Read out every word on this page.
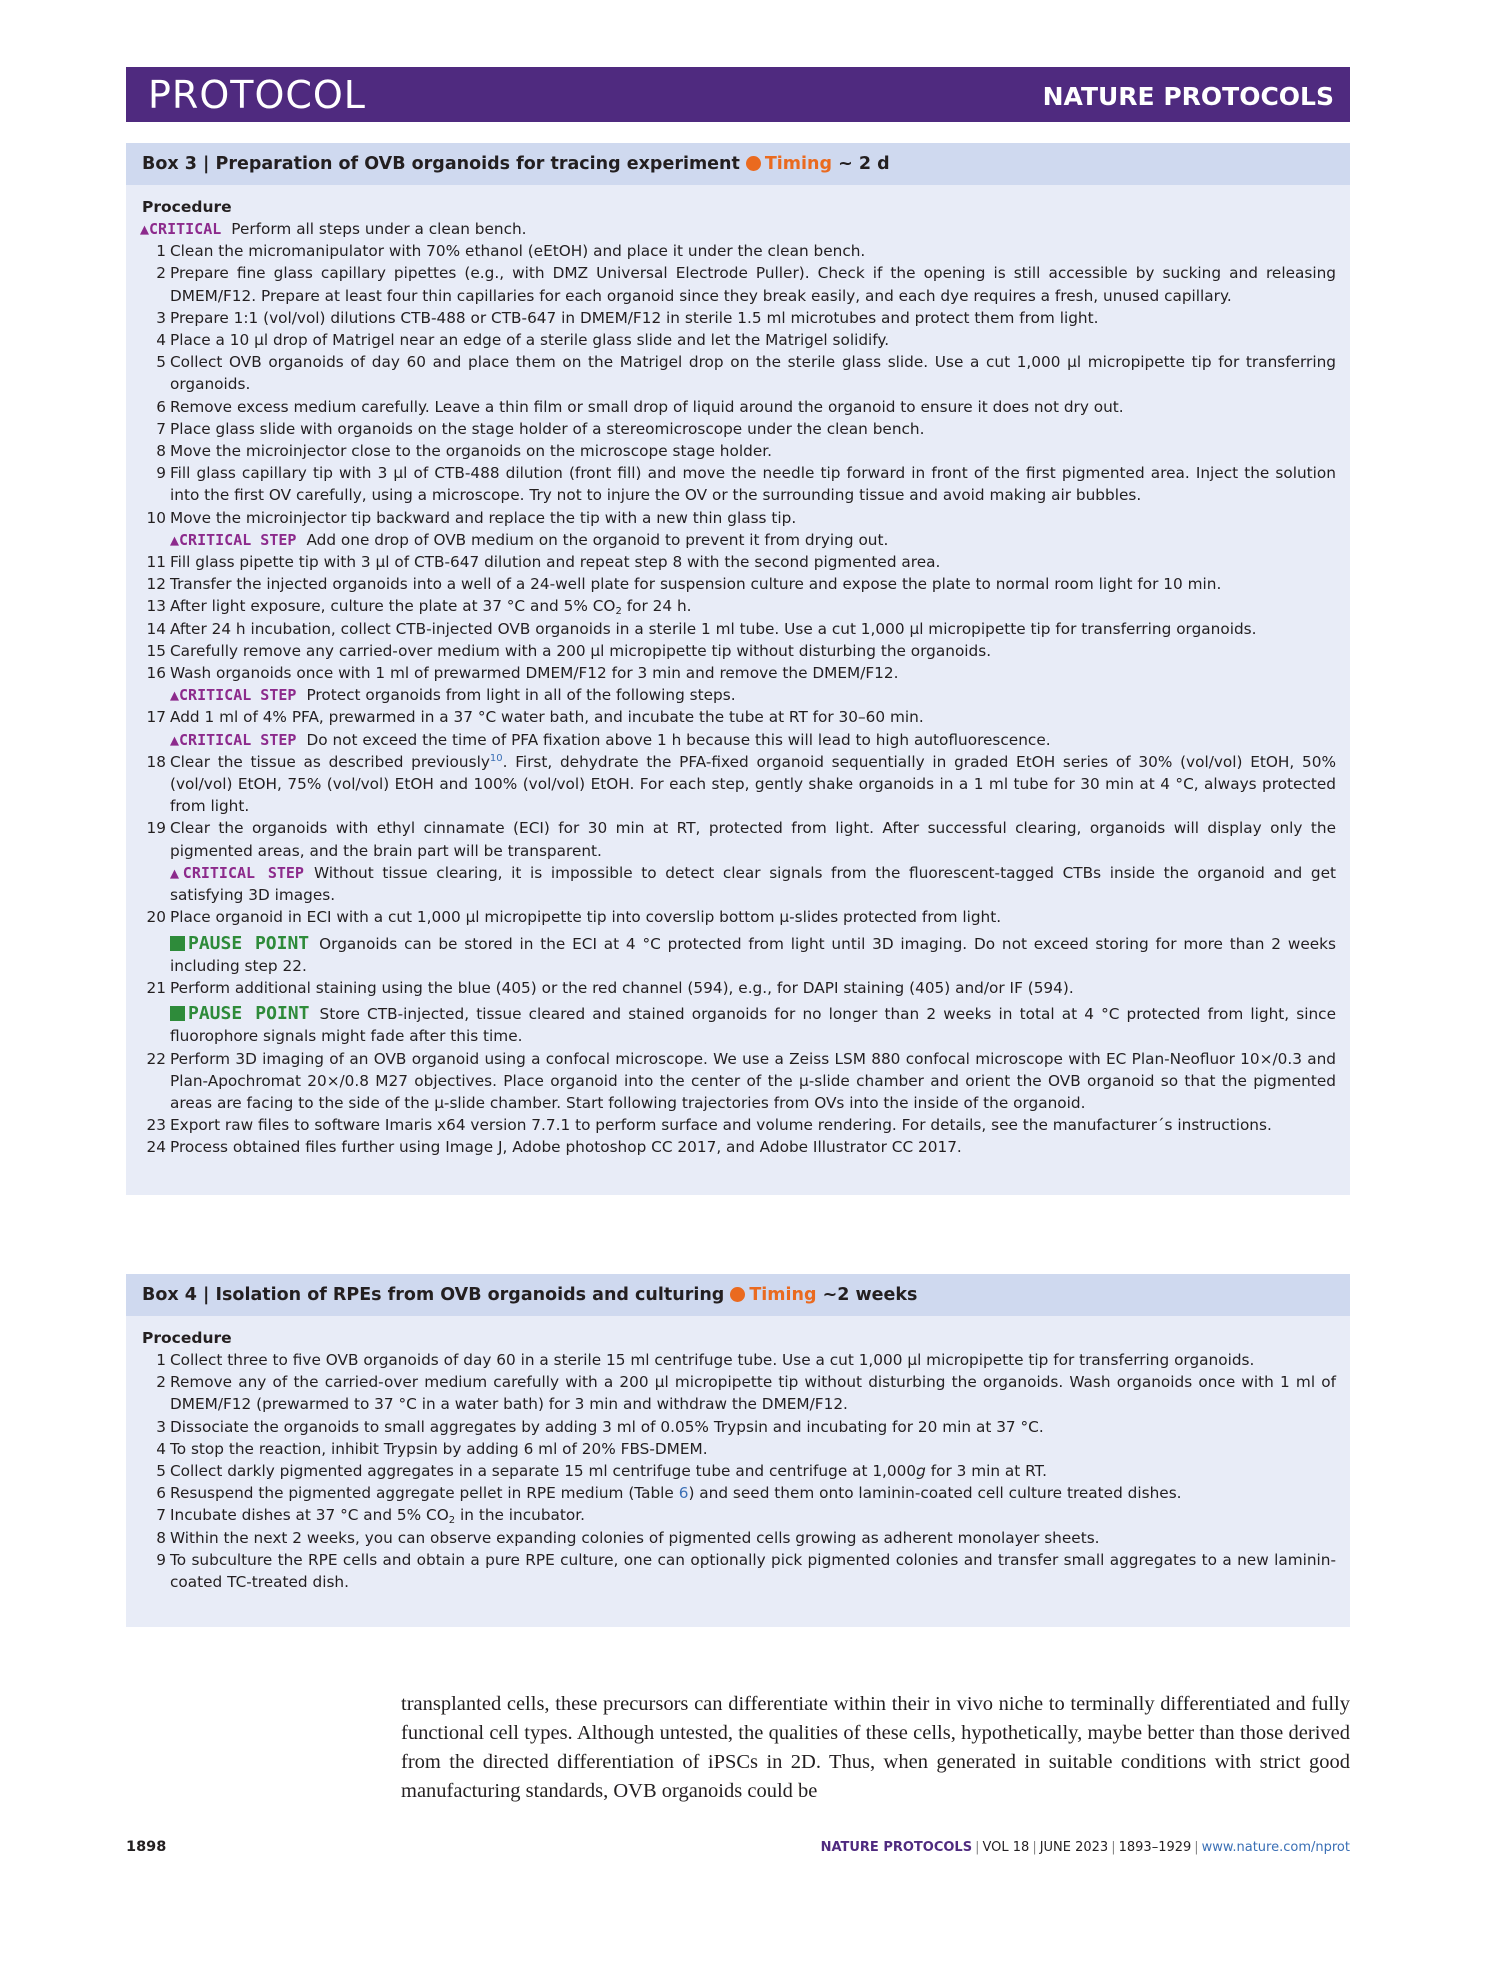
PROTOCOL	NATURE PROTOCOLS
Box 3 | Preparation of OVB organoids for tracing experiment Timing ~ 2 d
Procedure
▲CRITICAL Perform all steps under a clean bench.
1 Clean the micromanipulator with 70% ethanol (eEtOH) and place it under the clean bench.
2 Prepare fine glass capillary pipettes (e.g., with DMZ Universal Electrode Puller). Check if the opening is still accessible by sucking and releasing DMEM/F12. Prepare at least four thin capillaries for each organoid since they break easily, and each dye requires a fresh, unused capillary.
3 Prepare 1:1 (vol/vol) dilutions CTB-488 or CTB-647 in DMEM/F12 in sterile 1.5 ml microtubes and protect them from light.
4 Place a 10 µl drop of Matrigel near an edge of a sterile glass slide and let the Matrigel solidify.
5 Collect OVB organoids of day 60 and place them on the Matrigel drop on the sterile glass slide. Use a cut 1,000 µl micropipette tip for transferring organoids.
6 Remove excess medium carefully. Leave a thin film or small drop of liquid around the organoid to ensure it does not dry out.
7 Place glass slide with organoids on the stage holder of a stereomicroscope under the clean bench.
8 Move the microinjector close to the organoids on the microscope stage holder.
9 Fill glass capillary tip with 3 µl of CTB-488 dilution (front fill) and move the needle tip forward in front of the first pigmented area. Inject the solution into the first OV carefully, using a microscope. Try not to injure the OV or the surrounding tissue and avoid making air bubbles.
10 Move the microinjector tip backward and replace the tip with a new thin glass tip.
▲CRITICAL STEP Add one drop of OVB medium on the organoid to prevent it from drying out.
11 Fill glass pipette tip with 3 µl of CTB-647 dilution and repeat step 8 with the second pigmented area.
12 Transfer the injected organoids into a well of a 24-well plate for suspension culture and expose the plate to normal room light for 10 min.
13 After light exposure, culture the plate at 37 °C and 5% $CO_2$ for 24 h.
14 After 24 h incubation, collect CTB-injected OVB organoids in a sterile 1 ml tube. Use a cut 1,000 µl micropipette tip for transferring organoids.
15 Carefully remove any carried-over medium with a 200 µl micropipette tip without disturbing the organoids.
16 Wash organoids once with 1 ml of prewarmed DMEM/F12 for 3 min and remove the DMEM/F12.
▲CRITICAL STEP Protect organoids from light in all of the following steps.
17 Add 1 ml of 4% PFA, prewarmed in a 37 °C water bath, and incubate the tube at RT for 30–60 min.
▲CRITICAL STEP Do not exceed the time of PFA fixation above 1 h because this will lead to high autofluorescence.
18 Clear the tissue as described previously$^{10}$. First, dehydrate the PFA-fixed organoid sequentially in graded EtOH series of 30% (vol/vol) EtOH, 50% (vol/vol) EtOH, 75% (vol/vol) EtOH and 100% (vol/vol) EtOH. For each step, gently shake organoids in a 1 ml tube for 30 min at 4 °C, always protected from light.
19 Clear the organoids with ethyl cinnamate (ECI) for 30 min at RT, protected from light. After successful clearing, organoids will display only the pigmented areas, and the brain part will be transparent.
▲CRITICAL STEP Without tissue clearing, it is impossible to detect clear signals from the fluorescent-tagged CTBs inside the organoid and get satisfying 3D images.
20 Place organoid in ECI with a cut 1,000 µl micropipette tip into coverslip bottom µ-slides protected from light.
PAUSE POINT Organoids can be stored in the ECI at 4 °C protected from light until 3D imaging. Do not exceed storing for more than 2 weeks including step 22.
21 Perform additional staining using the blue (405) or the red channel (594), e.g., for DAPI staining (405) and/or IF (594).
PAUSE POINT Store CTB-injected, tissue cleared and stained organoids for no longer than 2 weeks in total at 4 °C protected from light, since fluorophore signals might fade after this time.
22 Perform 3D imaging of an OVB organoid using a confocal microscope. We use a Zeiss LSM 880 confocal microscope with EC Plan-Neofluor 10×/0.3 and Plan-Apochromat 20×/0.8 M27 objectives. Place organoid into the center of the µ-slide chamber and orient the OVB organoid so that the pigmented areas are facing to the side of the µ-slide chamber. Start following trajectories from OVs into the inside of the organoid.
23 Export raw files to software Imaris x64 version 7.7.1 to perform surface and volume rendering. For details, see the manufacturer´s instructions.
24 Process obtained files further using Image J, Adobe photoshop CC 2017, and Adobe Illustrator CC 2017.
Box 4 | Isolation of RPEs from OVB organoids and culturing Timing ~2 weeks
Procedure
1 Collect three to five OVB organoids of day 60 in a sterile 15 ml centrifuge tube. Use a cut 1,000 µl micropipette tip for transferring organoids.
2 Remove any of the carried-over medium carefully with a 200 µl micropipette tip without disturbing the organoids. Wash organoids once with 1 ml of DMEM/F12 (prewarmed to 37 °C in a water bath) for 3 min and withdraw the DMEM/F12.
3 Dissociate the organoids to small aggregates by adding 3 ml of 0.05% Trypsin and incubating for 20 min at 37 °C.
4 To stop the reaction, inhibit Trypsin by adding 6 ml of 20% FBS-DMEM.
5 Collect darkly pigmented aggregates in a separate 15 ml centrifuge tube and centrifuge at 1,000g for 3 min at RT.
6 Resuspend the pigmented aggregate pellet in RPE medium (Table 6) and seed them onto laminin-coated cell culture treated dishes.
7 Incubate dishes at 37 °C and 5% $CO_2$ in the incubator.
8 Within the next 2 weeks, you can observe expanding colonies of pigmented cells growing as adherent monolayer sheets.
9 To subculture the RPE cells and obtain a pure RPE culture, one can optionally pick pigmented colonies and transfer small aggregates to a new laminin-coated TC-treated dish.
transplanted cells, these precursors can differentiate within their in vivo niche to terminally differentiated and fully functional cell types. Although untested, the qualities of these cells, hypothetically, maybe better than those derived from the directed differentiation of iPSCs in 2D. Thus, when generated in suitable conditions with strict good manufacturing standards, OVB organoids could be
1898	NATURE PROTOCOLS | VOL 18 | JUNE 2023 | 1893–1929 | www.nature.com/nprot
